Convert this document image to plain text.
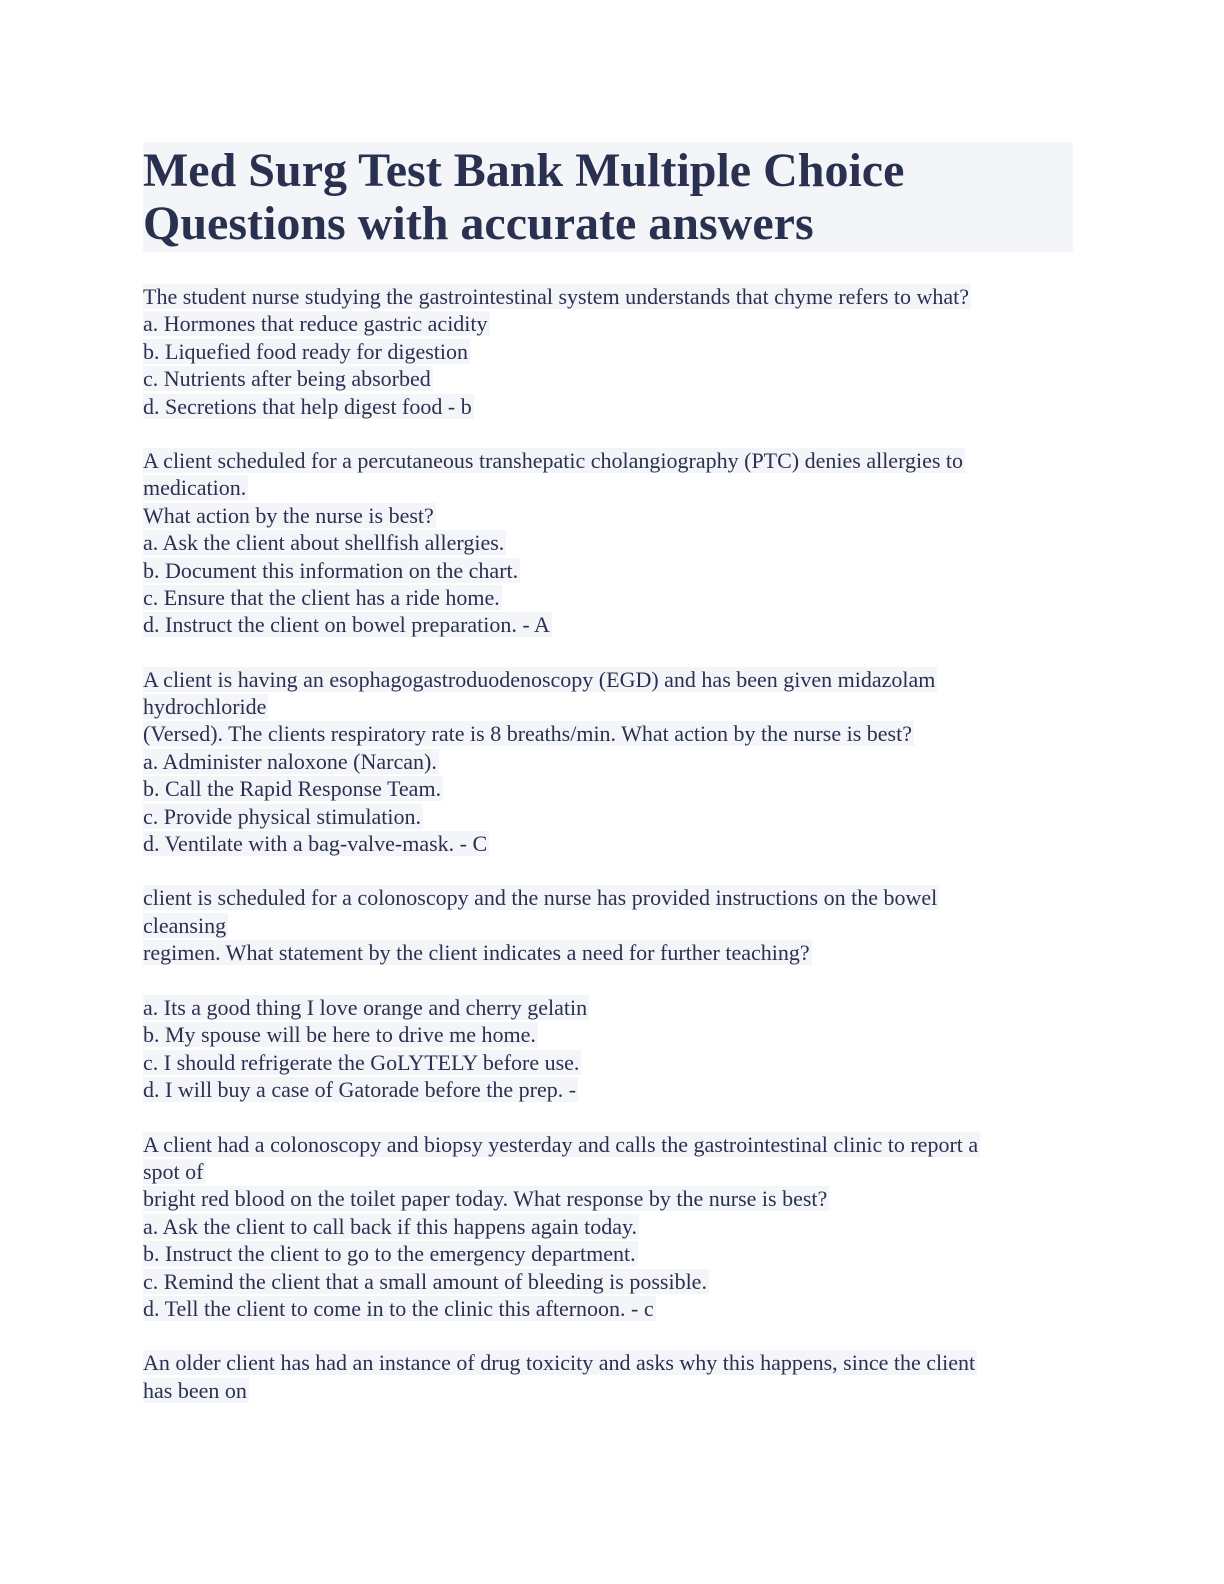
Med Surg Test Bank Multiple Choice
Questions with accurate answers
The student nurse studying the gastrointestinal system understands that chyme refers to what?
a. Hormones that reduce gastric acidity
b. Liquefied food ready for digestion
c. Nutrients after being absorbed
d. Secretions that help digest food - b
A client scheduled for a percutaneous transhepatic cholangiography (PTC) denies allergies to
medication.
What action by the nurse is best?
a. Ask the client about shellfish allergies.
b. Document this information on the chart.
c. Ensure that the client has a ride home.
d. Instruct the client on bowel preparation. - A
A client is having an esophagogastroduodenoscopy (EGD) and has been given midazolam
hydrochloride
(Versed). The clients respiratory rate is 8 breaths/min. What action by the nurse is best?
a. Administer naloxone (Narcan).
b. Call the Rapid Response Team.
c. Provide physical stimulation.
d. Ventilate with a bag-valve-mask. - C
client is scheduled for a colonoscopy and the nurse has provided instructions on the bowel
cleansing
regimen. What statement by the client indicates a need for further teaching?
a. Its a good thing I love orange and cherry gelatin
b. My spouse will be here to drive me home.
c. I should refrigerate the GoLYTELY before use.
d. I will buy a case of Gatorade before the prep. -
A client had a colonoscopy and biopsy yesterday and calls the gastrointestinal clinic to report a
spot of
bright red blood on the toilet paper today. What response by the nurse is best?
a. Ask the client to call back if this happens again today.
b. Instruct the client to go to the emergency department.
c. Remind the client that a small amount of bleeding is possible.
d. Tell the client to come in to the clinic this afternoon. - c
An older client has had an instance of drug toxicity and asks why this happens, since the client
has been on
